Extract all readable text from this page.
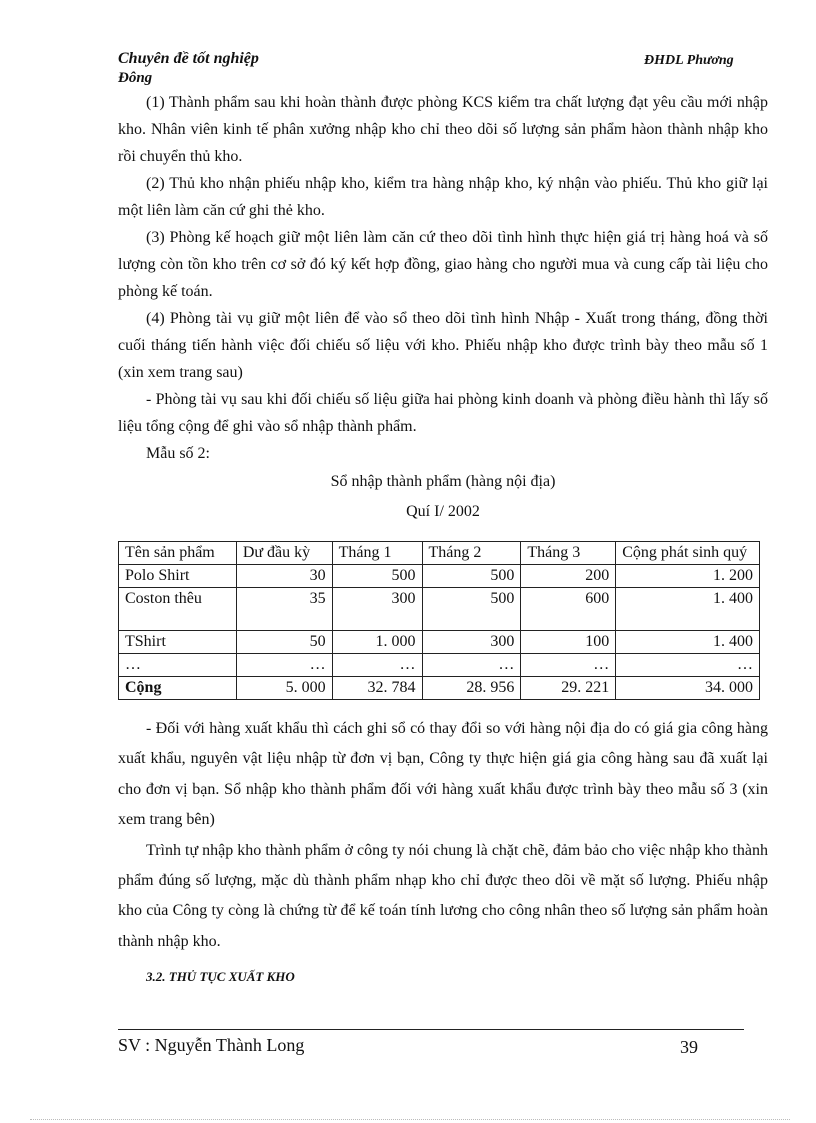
Chuyên đề tốt nghiệp
Đông
ĐHDL Phương

(1) Thành phẩm sau khi hoàn thành được phòng KCS kiểm tra chất lượng đạt yêu cầu mới nhập kho. Nhân viên kinh tế phân xưởng nhập kho chỉ theo dõi số lượng sản phẩm hàon thành nhập kho rồi chuyển thủ kho.

(2) Thủ kho nhận phiếu nhập kho, kiểm tra hàng nhập kho, ký nhận vào phiếu. Thủ kho giữ lại một liên làm căn cứ ghi thẻ kho.

(3) Phòng kế hoạch giữ một liên làm căn cứ theo dõi tình hình thực hiện giá trị hàng hoá và số lượng còn tồn kho trên cơ sở đó ký kết hợp đồng, giao hàng cho người mua và cung cấp tài liệu cho phòng kế toán.

(4) Phòng tài vụ giữ một liên để vào sổ theo dõi tình hình Nhập - Xuất trong tháng, đồng thời cuối tháng tiến hành việc đối chiếu số liệu với kho. Phiếu nhập kho được trình bày theo mẫu số 1 (xin xem trang sau)

- Phòng tài vụ sau khi đối chiếu số liệu giữa hai phòng kinh doanh và phòng điều hành thì lấy số liệu tổng cộng để ghi vào sổ nhập thành phẩm.

Mẫu số 2:

Sổ nhập thành phẩm (hàng nội địa)

Quí I/ 2002

Tên sản phẩm	Dư đầu kỳ	Tháng 1	Tháng 2	Tháng 3	Cộng phát sinh quý
Polo Shirt	30	500	500	200	1. 200
Coston thêu	35	300	500	600	1. 400
TShirt	50	1. 000	300	100	1. 400
…	…	…	…	…	…
Cộng	5. 000	32. 784	28. 956	29. 221	34. 000

- Đối với hàng xuất khẩu thì cách ghi sổ có thay đổi so với hàng nội địa do có giá gia công hàng xuất khẩu, nguyên vật liệu nhập từ đơn vị bạn, Công ty thực hiện giá gia công hàng sau đã xuất lại cho đơn vị bạn. Sổ nhập kho thành phẩm đối với hàng xuất khẩu được trình bày theo mẫu số 3 (xin xem trang bên)

Trình tự nhập kho thành phẩm ở công ty nói chung là chặt chẽ, đảm bảo cho việc nhập kho thành phẩm đúng số lượng, mặc dù thành phẩm nhạp kho chỉ được theo dõi về mặt số lượng. Phiếu nhập kho của Công ty còng là chứng từ để kế toán tính lương cho công nhân theo số lượng sản phẩm hoàn thành nhập kho.

3.2. THỦ TỤC XUẤT KHO
SV : Nguyễn Thành Long	39
